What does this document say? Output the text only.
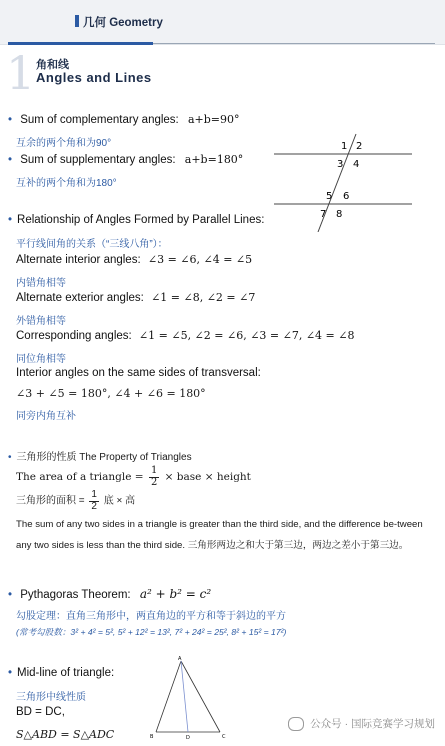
几何 Geometry
1 角和线
Angles and Lines
• Sum of complementary angles: a+b=90°
互余的两个角和为90°
• Sum of supplementary angles: a+b=180°
互补的两个角和为180°
1 2
3 4
5 6
7 8
• Relationship of Angles Formed by Parallel Lines:
平行线间角的关系（“三线八角”）：
Alternate interior angles: ∠3 = ∠6, ∠4 = ∠5
内错角相等
Alternate exterior angles: ∠1 = ∠8, ∠2 = ∠7
外错角相等
Corresponding angles: ∠1 = ∠5, ∠2 = ∠6, ∠3 = ∠7, ∠4 = ∠8
同位角相等
Interior angles on the same sides of transversal:
∠3 + ∠5 = 180°, ∠4 + ∠6 = 180°
同旁内角互补
• 三角形的性质 The Property of Triangles
The area of a triangle = $\frac{1}{2}$ × base × height
三角形的面积 = $\frac{1}{2}$ 底 × 高
The sum of any two sides in a triangle is greater than the third side, and the difference be-tween any two sides is less than the third side. 三角形两边之和大于第三边，两边之差小于第三边。
• Pythagoras Theorem: a² + b² = c²
勾股定理：直角三角形中，两直角边的平方和等于斜边的平方
(常考勾股数：3² + 4² = 5², 5² + 12² = 13², 7² + 24² = 25², 8² + 15² = 17²)
• Mid-line of triangle:
三角形中线性质
BD = DC,
S△ABD = S△ADC
A
B	D	C
公众号 · 国际竞赛学习规划
